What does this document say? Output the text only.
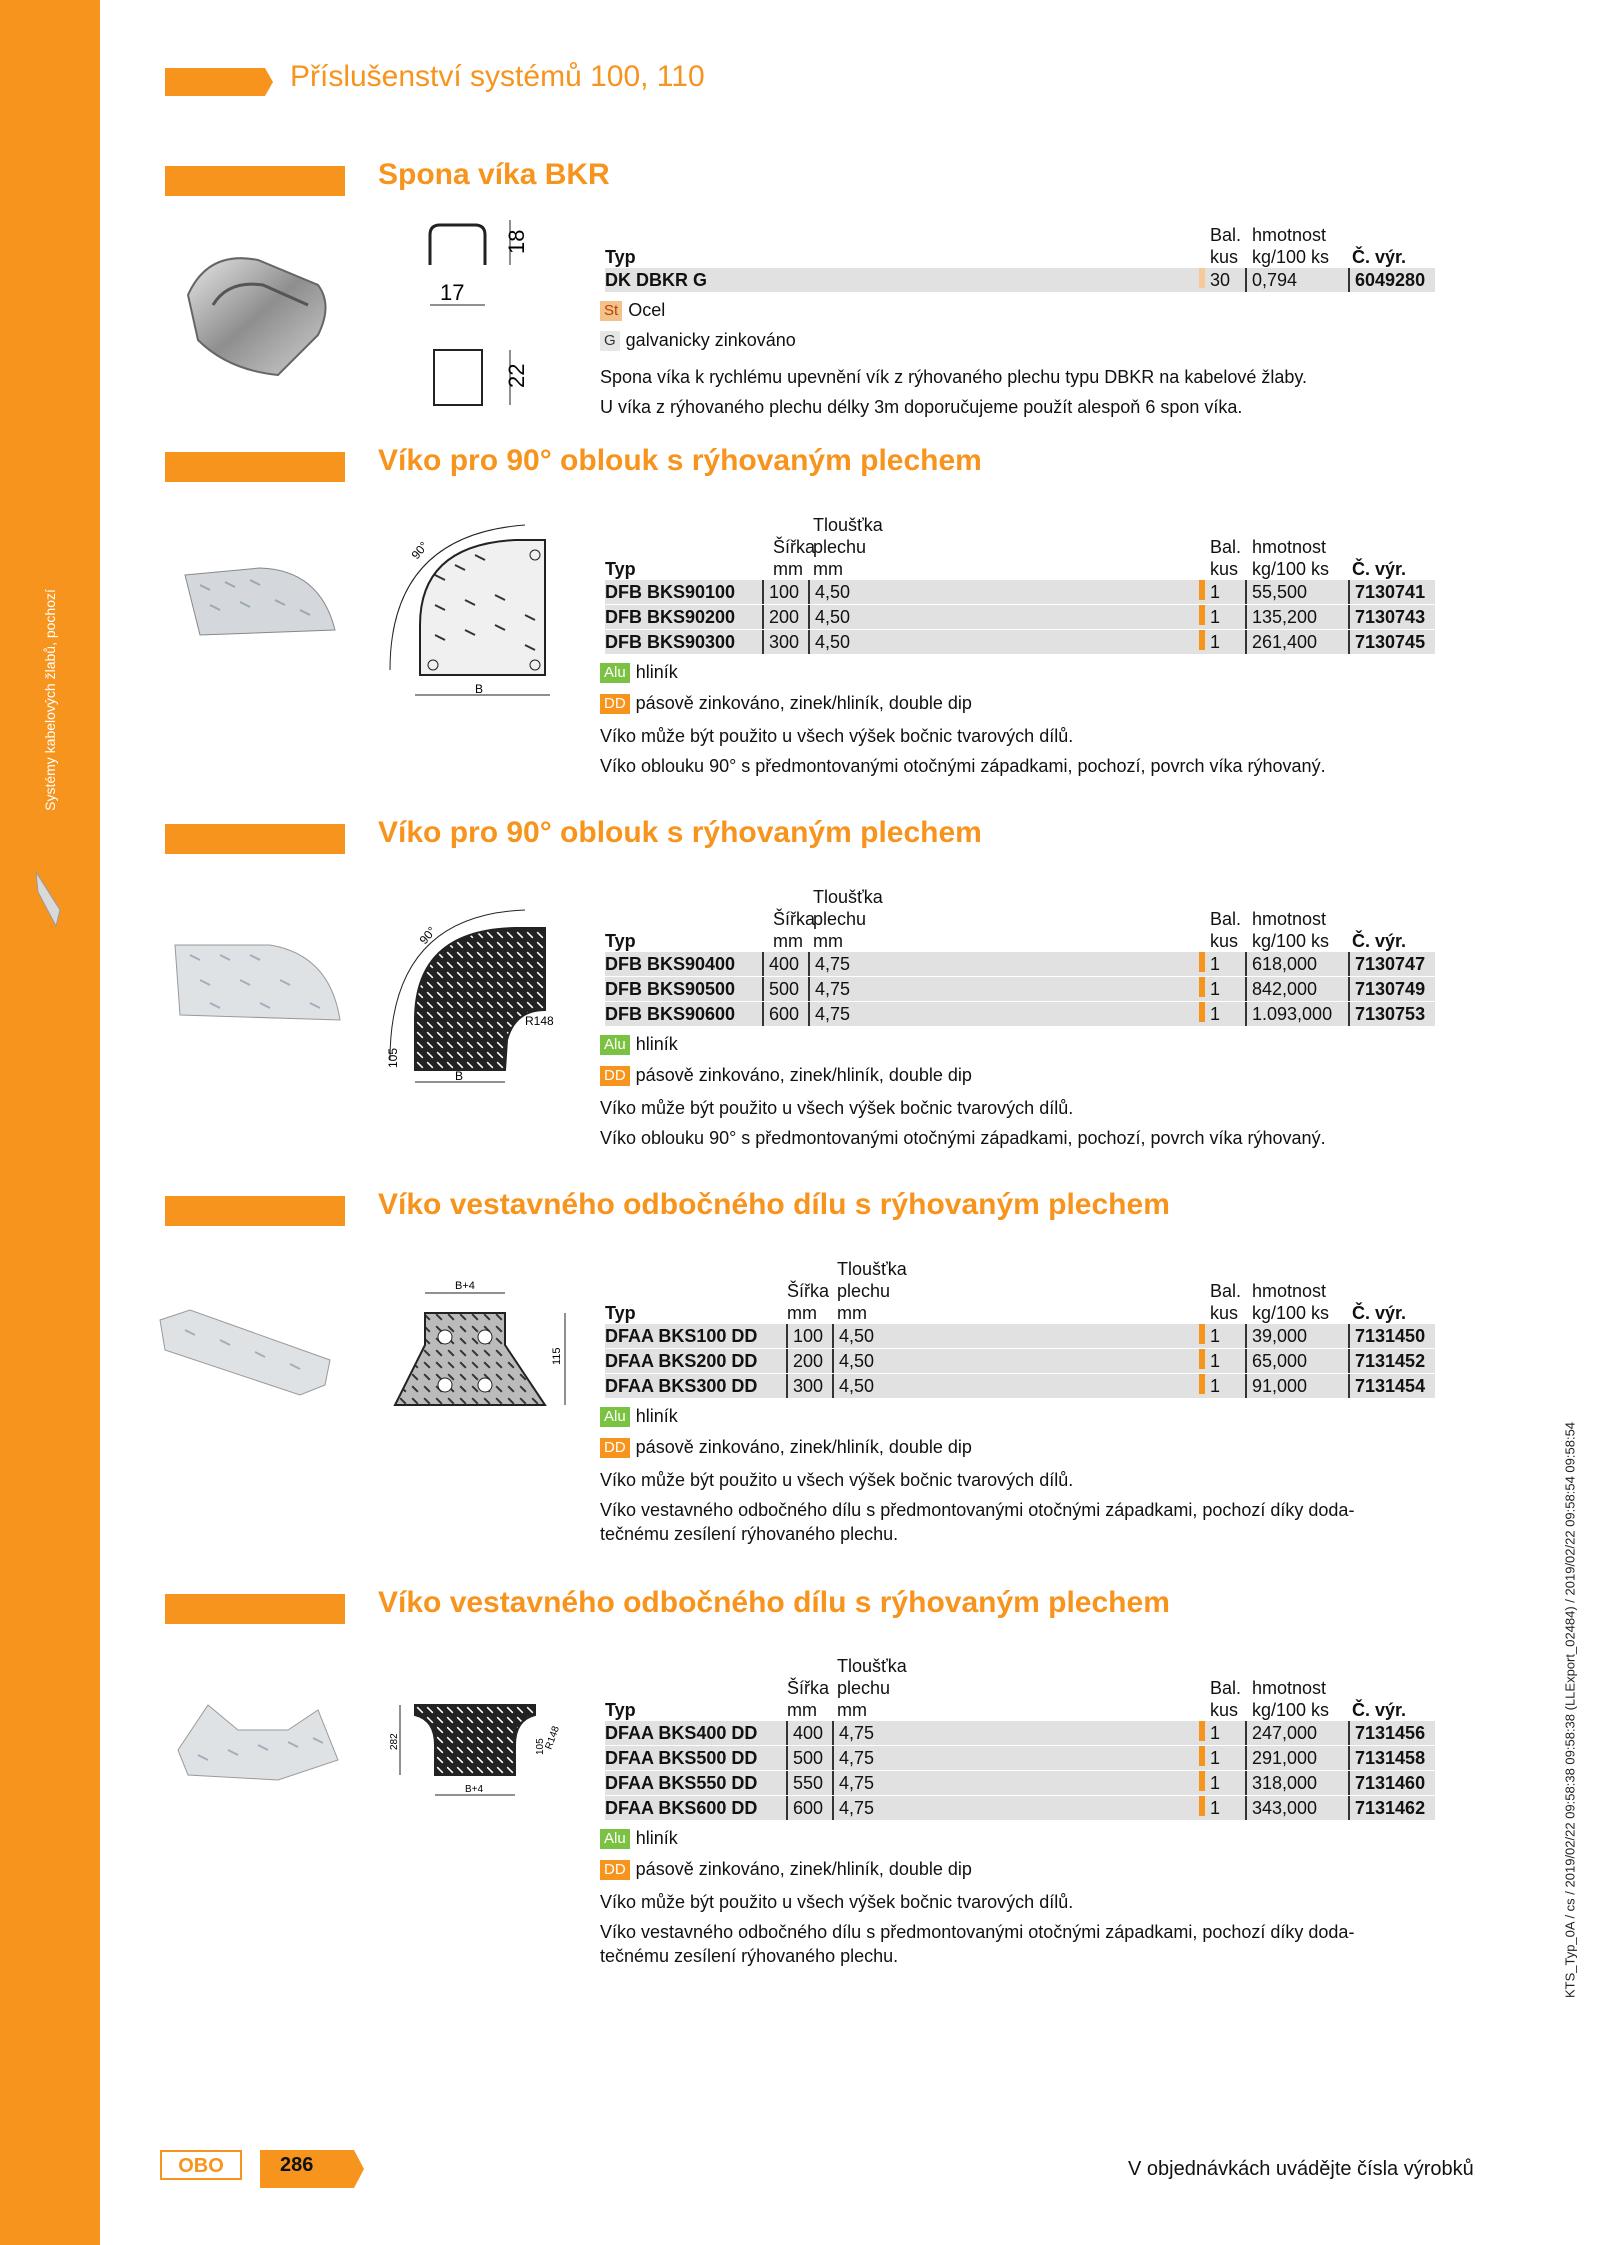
Systémy kabelových žlabů, pochozí
Příslušenství systémů 100, 110
Spona víka BKR
18
17
22
Typ
Bal.
kus
hmotnost
kg/100 ks Č. výr.
DK DBKR G	30	0,794	6049280
St Ocel
G galvanicky zinkováno
Spona víka k rychlému upevnění vík z rýhovaného plechu typu DBKR na kabelové žlaby.
U víka z rýhovaného plechu délky 3m doporučujeme použít alespoň 6 spon víka.
Víko pro 90° oblouk s rýhovaným plechem
90°
B
Typ
Šířka
mm
Tloušťka
plechu
mm
Bal.
kus
hmotnost
kg/100 ks Č. výr.
DFB BKS90100	100 4,50	1	55,500	7130741
DFB BKS90200	200 4,50	1	135,200	7130743
DFB BKS90300	300 4,50	1	261,400	7130745
Alu hliník
DD pásově zinkováno, zinek/hliník, double dip
Víko může být použito u všech výšek bočnic tvarových dílů.
Víko oblouku 90° s předmontovanými otočnými západkami, pochozí, povrch víka rýhovaný.
Víko pro 90° oblouk s rýhovaným plechem
90°
R148
B
105
Typ
Šířka
mm
Tloušťka
plechu
mm
Bal.
kus
hmotnost
kg/100 ks Č. výr.
DFB BKS90400	400 4,75	1	618,000	7130747
DFB BKS90500	500 4,75	1	842,000	7130749
DFB BKS90600	600 4,75	1	1.093,000	7130753
Alu hliník
DD pásově zinkováno, zinek/hliník, double dip
Víko může být použito u všech výšek bočnic tvarových dílů.
Víko oblouku 90° s předmontovanými otočnými západkami, pochozí, povrch víka rýhovaný.
Víko vestavného odbočného dílu s rýhovaným plechem
B+4
115
Typ
Šířka
mm
Tloušťka
plechu
mm
Bal.
kus
hmotnost
kg/100 ks Č. výr.
DFAA BKS100 DD	100 4,50	1	39,000	7131450
DFAA BKS200 DD	200 4,50	1	65,000	7131452
DFAA BKS300 DD	300 4,50	1	91,000	7131454
Alu hliník
DD pásově zinkováno, zinek/hliník, double dip
Víko může být použito u všech výšek bočnic tvarových dílů.
Víko vestavného odbočného dílu s předmontovanými otočnými západkami, pochozí díky doda-
tečnému zesílení rýhovaného plechu.
Víko vestavného odbočného dílu s rýhovaným plechem
282	105
R148
B+4
Typ
Šířka
mm
Tloušťka
plechu
mm
Bal.
kus
hmotnost
kg/100 ks Č. výr.
DFAA BKS400 DD	400 4,75	1	247,000	7131456
DFAA BKS500 DD	500 4,75	1	291,000	7131458
DFAA BKS550 DD	550 4,75	1	318,000	7131460
DFAA BKS600 DD	600 4,75	1	343,000	7131462
Alu hliník
DD pásově zinkováno, zinek/hliník, double dip
Víko může být použito u všech výšek bočnic tvarových dílů.
Víko vestavného odbočného dílu s předmontovanými otočnými západkami, pochozí díky doda-
tečnému zesílení rýhovaného plechu.	KTS_Typ_0A / cs / 2019/02/22 09:58:38 09:58:38 (LLExport_02484) / 2019/02/22 09:58:54 09:58:54
OBO	286	V objednávkách uvádějte čísla výrobků
